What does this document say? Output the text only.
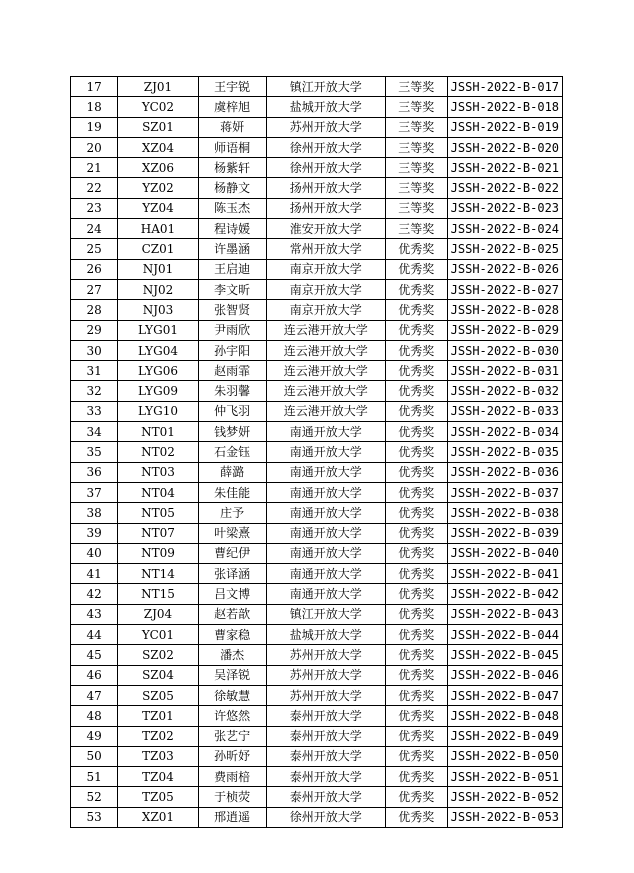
17	ZJ01	王宇锐	镇江开放大学	三等奖	JSSH-2022-B-017
18	YC02	虞梓旭	盐城开放大学	三等奖	JSSH-2022-B-018
19	SZ01	蒋妍	苏州开放大学	三等奖	JSSH-2022-B-019
20	XZ04	师语桐	徐州开放大学	三等奖	JSSH-2022-B-020
21	XZ06	杨紫轩	徐州开放大学	三等奖	JSSH-2022-B-021
22	YZ02	杨静文	扬州开放大学	三等奖	JSSH-2022-B-022
23	YZ04	陈玉杰	扬州开放大学	三等奖	JSSH-2022-B-023
24	HA01	程诗媛	淮安开放大学	三等奖	JSSH-2022-B-024
25	CZ01	许墨涵	常州开放大学	优秀奖	JSSH-2022-B-025
26	NJ01	王启迪	南京开放大学	优秀奖	JSSH-2022-B-026
27	NJ02	李文昕	南京开放大学	优秀奖	JSSH-2022-B-027
28	NJ03	张智贤	南京开放大学	优秀奖	JSSH-2022-B-028
29	LYG01	尹雨欣	连云港开放大学	优秀奖	JSSH-2022-B-029
30	LYG04	孙宇阳	连云港开放大学	优秀奖	JSSH-2022-B-030
31	LYG06	赵雨霏	连云港开放大学	优秀奖	JSSH-2022-B-031
32	LYG09	朱羽馨	连云港开放大学	优秀奖	JSSH-2022-B-032
33	LYG10	仲飞羽	连云港开放大学	优秀奖	JSSH-2022-B-033
34	NT01	钱梦妍	南通开放大学	优秀奖	JSSH-2022-B-034
35	NT02	石金钰	南通开放大学	优秀奖	JSSH-2022-B-035
36	NT03	薛潞	南通开放大学	优秀奖	JSSH-2022-B-036
37	NT04	朱佳能	南通开放大学	优秀奖	JSSH-2022-B-037
38	NT05	庄予	南通开放大学	优秀奖	JSSH-2022-B-038
39	NT07	叶梁熹	南通开放大学	优秀奖	JSSH-2022-B-039
40	NT09	曹纪伊	南通开放大学	优秀奖	JSSH-2022-B-040
41	NT14	张译涵	南通开放大学	优秀奖	JSSH-2022-B-041
42	NT15	吕文博	南通开放大学	优秀奖	JSSH-2022-B-042
43	ZJ04	赵若歆	镇江开放大学	优秀奖	JSSH-2022-B-043
44	YC01	曹家稳	盐城开放大学	优秀奖	JSSH-2022-B-044
45	SZ02	潘杰	苏州开放大学	优秀奖	JSSH-2022-B-045
46	SZ04	吴泽锐	苏州开放大学	优秀奖	JSSH-2022-B-046
47	SZ05	徐敏慧	苏州开放大学	优秀奖	JSSH-2022-B-047
48	TZ01	许悠然	泰州开放大学	优秀奖	JSSH-2022-B-048
49	TZ02	张艺宁	泰州开放大学	优秀奖	JSSH-2022-B-049
50	TZ03	孙昕妤	泰州开放大学	优秀奖	JSSH-2022-B-050
51	TZ04	费雨棓	泰州开放大学	优秀奖	JSSH-2022-B-051
52	TZ05	于桢荧	泰州开放大学	优秀奖	JSSH-2022-B-052
53	XZ01	邢逍遥	徐州开放大学	优秀奖	JSSH-2022-B-053
